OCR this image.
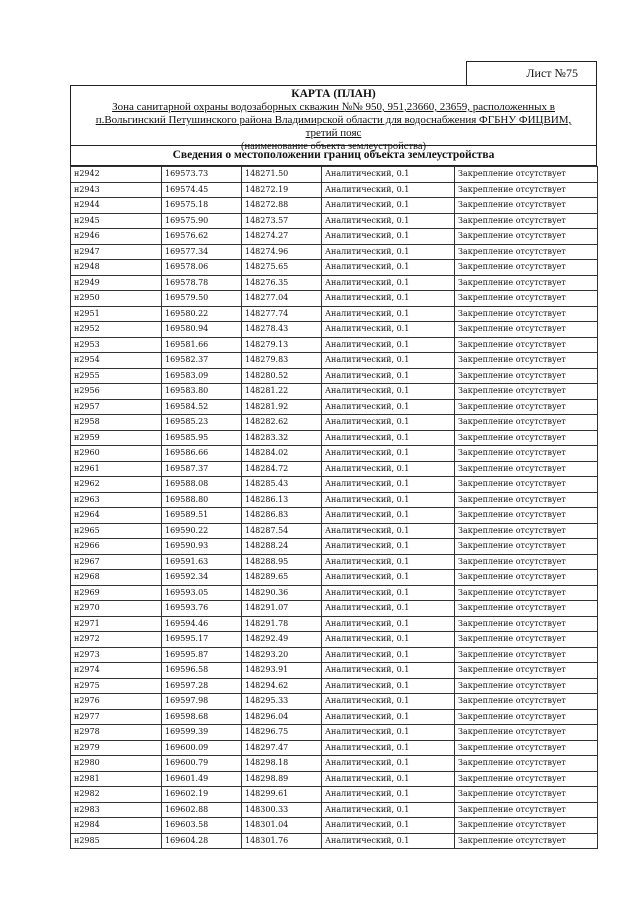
Лист №75
КАРТА (ПЛАН)
Зона санитарной охраны водозаборных скважин №№ 950, 951,23660, 23659, расположенных в
п.Вольгинский Петушинского района Владимирской области для водоснабжения ФГБНУ ФИЦВИМ,
третий пояс
(наименование объекта землеустройства)
Сведения о местоположении границ объекта землеустройства
н2942	169573.73	148271.50	Аналитический, 0.1	Закрепление отсутствует
н2943	169574.45	148272.19	Аналитический, 0.1	Закрепление отсутствует
н2944	169575.18	148272.88	Аналитический, 0.1	Закрепление отсутствует
н2945	169575.90	148273.57	Аналитический, 0.1	Закрепление отсутствует
н2946	169576.62	148274.27	Аналитический, 0.1	Закрепление отсутствует
н2947	169577.34	148274.96	Аналитический, 0.1	Закрепление отсутствует
н2948	169578.06	148275.65	Аналитический, 0.1	Закрепление отсутствует
н2949	169578.78	148276.35	Аналитический, 0.1	Закрепление отсутствует
н2950	169579.50	148277.04	Аналитический, 0.1	Закрепление отсутствует
н2951	169580.22	148277.74	Аналитический, 0.1	Закрепление отсутствует
н2952	169580.94	148278.43	Аналитический, 0.1	Закрепление отсутствует
н2953	169581.66	148279.13	Аналитический, 0.1	Закрепление отсутствует
н2954	169582.37	148279.83	Аналитический, 0.1	Закрепление отсутствует
н2955	169583.09	148280.52	Аналитический, 0.1	Закрепление отсутствует
н2956	169583.80	148281.22	Аналитический, 0.1	Закрепление отсутствует
н2957	169584.52	148281.92	Аналитический, 0.1	Закрепление отсутствует
н2958	169585.23	148282.62	Аналитический, 0.1	Закрепление отсутствует
н2959	169585.95	148283.32	Аналитический, 0.1	Закрепление отсутствует
н2960	169586.66	148284.02	Аналитический, 0.1	Закрепление отсутствует
н2961	169587.37	148284.72	Аналитический, 0.1	Закрепление отсутствует
н2962	169588.08	148285.43	Аналитический, 0.1	Закрепление отсутствует
н2963	169588.80	148286.13	Аналитический, 0.1	Закрепление отсутствует
н2964	169589.51	148286.83	Аналитический, 0.1	Закрепление отсутствует
н2965	169590.22	148287.54	Аналитический, 0.1	Закрепление отсутствует
н2966	169590.93	148288.24	Аналитический, 0.1	Закрепление отсутствует
н2967	169591.63	148288.95	Аналитический, 0.1	Закрепление отсутствует
н2968	169592.34	148289.65	Аналитический, 0.1	Закрепление отсутствует
н2969	169593.05	148290.36	Аналитический, 0.1	Закрепление отсутствует
н2970	169593.76	148291.07	Аналитический, 0.1	Закрепление отсутствует
н2971	169594.46	148291.78	Аналитический, 0.1	Закрепление отсутствует
н2972	169595.17	148292.49	Аналитический, 0.1	Закрепление отсутствует
н2973	169595.87	148293.20	Аналитический, 0.1	Закрепление отсутствует
н2974	169596.58	148293.91	Аналитический, 0.1	Закрепление отсутствует
н2975	169597.28	148294.62	Аналитический, 0.1	Закрепление отсутствует
н2976	169597.98	148295.33	Аналитический, 0.1	Закрепление отсутствует
н2977	169598.68	148296.04	Аналитический, 0.1	Закрепление отсутствует
н2978	169599.39	148296.75	Аналитический, 0.1	Закрепление отсутствует
н2979	169600.09	148297.47	Аналитический, 0.1	Закрепление отсутствует
н2980	169600.79	148298.18	Аналитический, 0.1	Закрепление отсутствует
н2981	169601.49	148298.89	Аналитический, 0.1	Закрепление отсутствует
н2982	169602.19	148299.61	Аналитический, 0.1	Закрепление отсутствует
н2983	169602.88	148300.33	Аналитический, 0.1	Закрепление отсутствует
н2984	169603.58	148301.04	Аналитический, 0.1	Закрепление отсутствует
н2985	169604.28	148301.76	Аналитический, 0.1	Закрепление отсутствует
